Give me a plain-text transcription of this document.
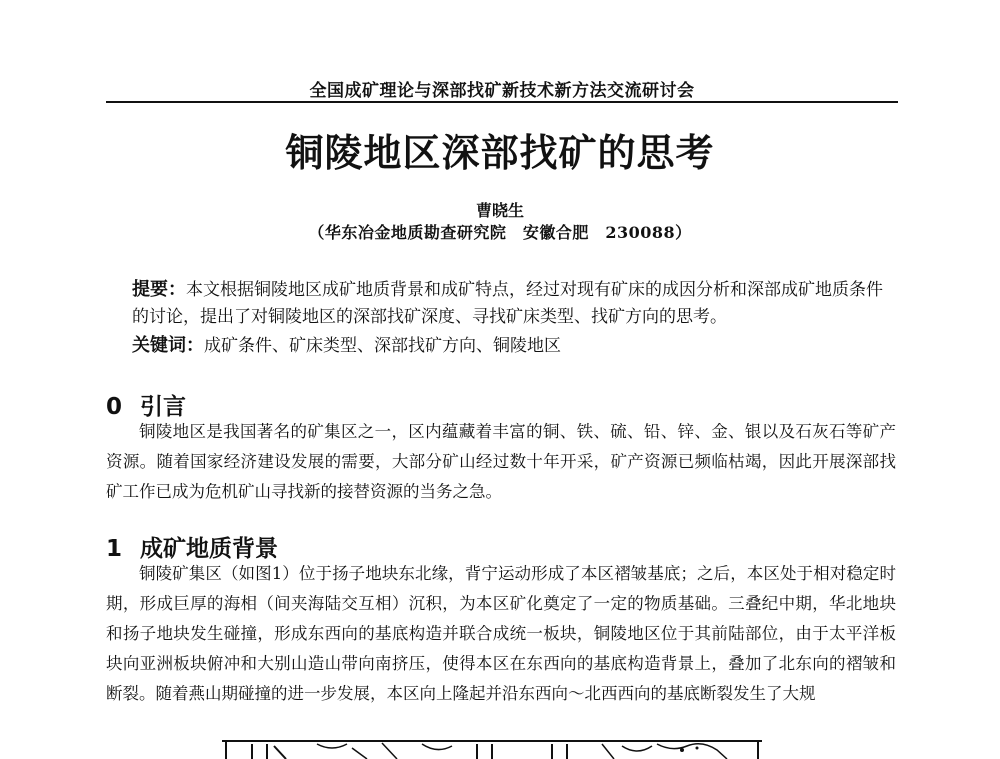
全国成矿理论与深部找矿新技术新方法交流研讨会
铜陵地区深部找矿的思考
曹晓生
（华东冶金地质勘查研究院　安徽合肥　230088）
提要：本文根据铜陵地区成矿地质背景和成矿特点，经过对现有矿床的成因分析和深部成矿地质条件的讨论，提出了对铜陵地区的深部找矿深度、寻找矿床类型、找矿方向的思考。
关键词：成矿条件、矿床类型、深部找矿方向、铜陵地区
0 引言
铜陵地区是我国著名的矿集区之一，区内蕴藏着丰富的铜、铁、硫、铅、锌、金、银以及石灰石等矿产资源。随着国家经济建设发展的需要，大部分矿山经过数十年开采，矿产资源已频临枯竭，因此开展深部找矿工作已成为危机矿山寻找新的接替资源的当务之急。
1 成矿地质背景
铜陵矿集区（如图1）位于扬子地块东北缘，背宁运动形成了本区褶皱基底；之后，本区处于相对稳定时期，形成巨厚的海相（间夹海陆交互相）沉积，为本区矿化奠定了一定的物质基础。三叠纪中期，华北地块和扬子地块发生碰撞，形成东西向的基底构造并联合成统一板块，铜陵地区位于其前陆部位，由于太平洋板块向亚洲板块俯冲和大别山造山带向南挤压，使得本区在东西向的基底构造背景上，叠加了北东向的褶皱和断裂。随着燕山期碰撞的进一步发展，本区向上隆起并沿东西向～北西西向的基底断裂发生了大规
